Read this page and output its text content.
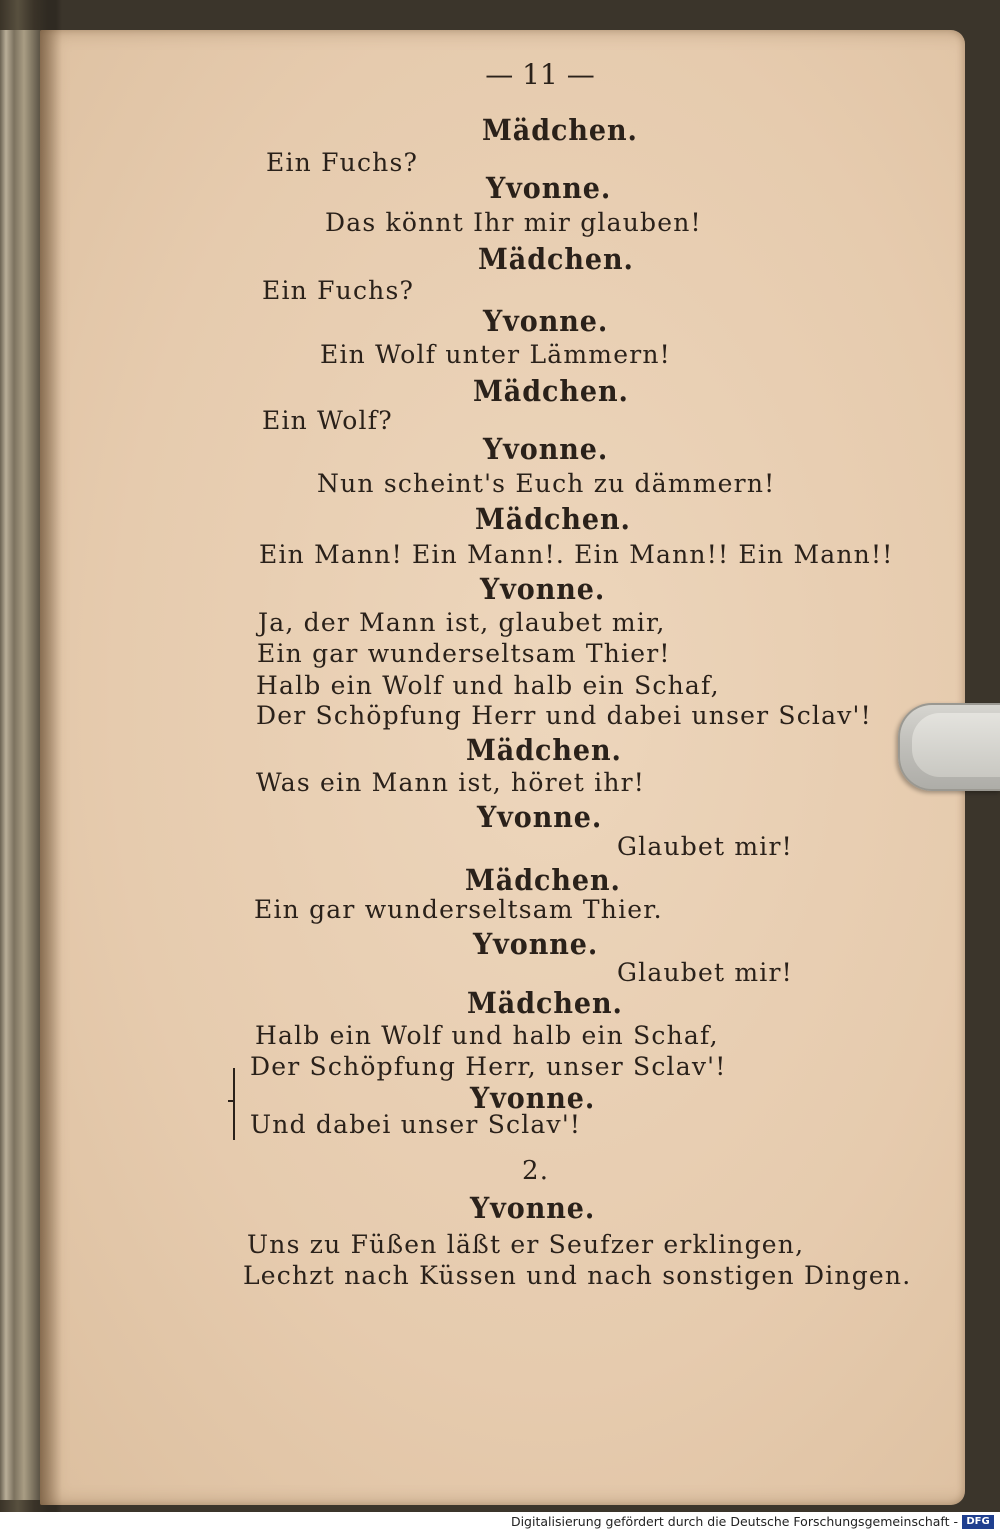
— 11 —
Mädchen.
Ein Fuchs?
Yvonne.
Das könnt Ihr mir glauben!
Mädchen.
Ein Fuchs?
Yvonne.
Ein Wolf unter Lämmern!
Mädchen.
Ein Wolf?
Yvonne.
Nun scheint's Euch zu dämmern!
Mädchen.
Ein Mann! Ein Mann!. Ein Mann!! Ein Mann!!
Yvonne.
Ja, der Mann ist, glaubet mir,
Ein gar wunderseltsam Thier!
Halb ein Wolf und halb ein Schaf,
Der Schöpfung Herr und dabei unser Sclav'!
Mädchen.
Was ein Mann ist, höret ihr!
Yvonne.
Glaubet mir!
Mädchen.
Ein gar wunderseltsam Thier.
Yvonne.
Glaubet mir!
Mädchen.
Halb ein Wolf und halb ein Schaf,
Der Schöpfung Herr, unser Sclav'!
Yvonne.
Und dabei unser Sclav'!
2.
Yvonne.
Uns zu Füßen läßt er Seufzer erklingen,
Lechzt nach Küssen und nach sonstigen Dingen.
Digitalisierung gefördert durch die Deutsche Forschungsgemeinschaft - DFG
